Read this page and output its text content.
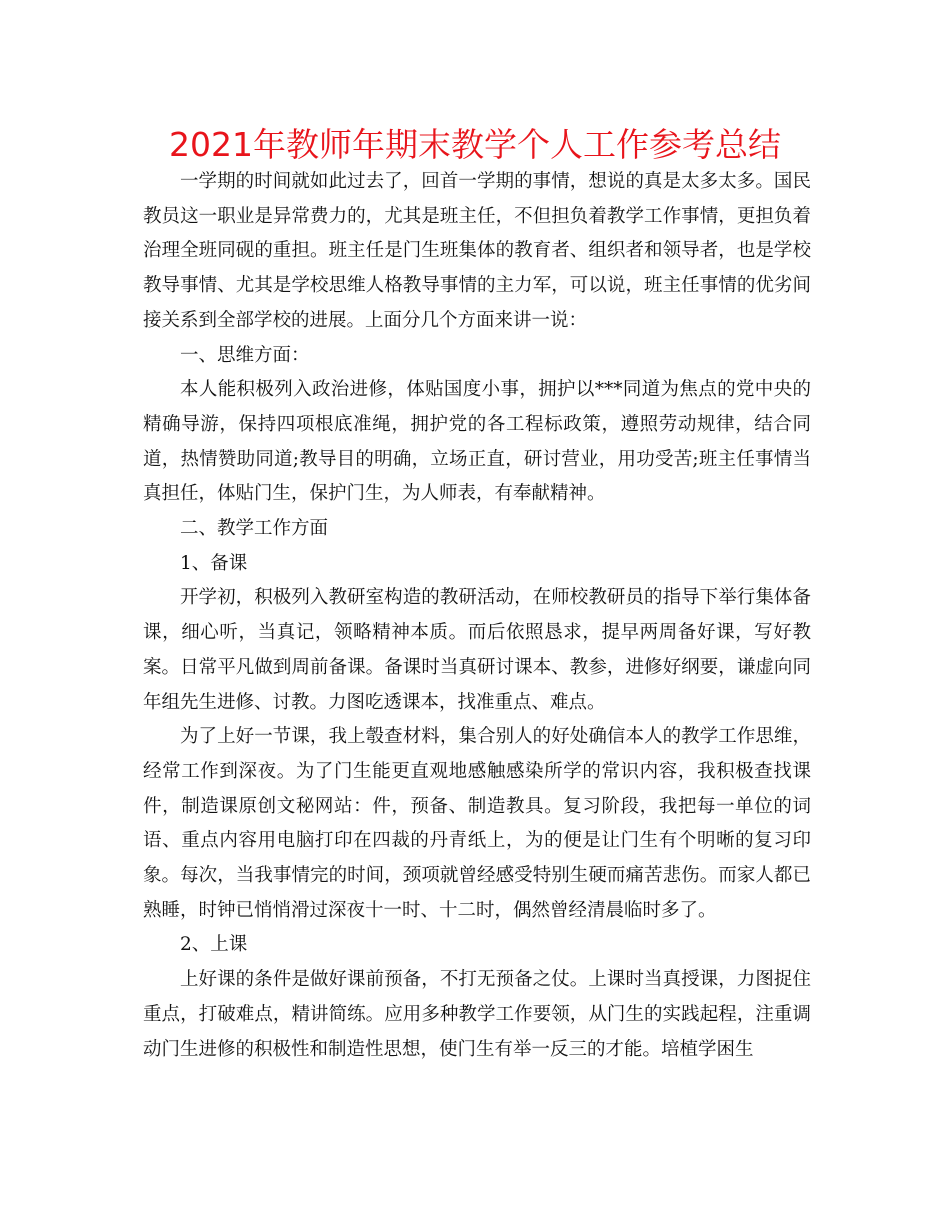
2021年教师年期末教学个人工作参考总结

一学期的时间就如此过去了，回首一学期的事情，想说的真是太多太多。国民教员这一职业是异常费力的，尤其是班主任，不但担负着教学工作事情，更担负着治理全班同砚的重担。班主任是门生班集体的教育者、组织者和领导者，也是学校教导事情、尤其是学校思维人格教导事情的主力军，可以说，班主任事情的优劣间接关系到全部学校的进展。上面分几个方面来讲一说：

一、思维方面：

本人能积极列入政治进修，体贴国度小事，拥护以***同道为焦点的党中央的精确导游，保持四项根底准绳，拥护党的各工程标政策，遵照劳动规律，结合同道，热情赞助同道;教导目的明确，立场正直，研讨营业，用功受苦;班主任事情当真担任，体贴门生，保护门生，为人师表，有奉献精神。

二、教学工作方面

1、备课

开学初，积极列入教研室构造的教研活动，在师校教研员的指导下举行集体备课，细心听，当真记，领略精神本质。而后依照恳求，提早两周备好课，写好教案。日常平凡做到周前备课。备课时当真研讨课本、教参，进修好纲要，谦虚向同年组先生进修、讨教。力图吃透课本，找准重点、难点。

为了上好一节课，我上彀查材料，集合别人的好处确信本人的教学工作思维，经常工作到深夜。为了门生能更直观地感触感染所学的常识内容，我积极查找课件，制造课原创文秘网站：件，预备、制造教具。复习阶段，我把每一单位的词语、重点内容用电脑打印在四裁的丹青纸上，为的便是让门生有个明晰的复习印象。每次，当我事情完的时间，颈项就曾经感受特别生硬而痛苦悲伤。而家人都已熟睡，时钟已悄悄滑过深夜十一时、十二时，偶然曾经清晨临时多了。

2、上课

上好课的条件是做好课前预备，不打无预备之仗。上课时当真授课，力图捉住重点，打破难点，精讲简练。应用多种教学工作要领，从门生的实践起程，注重调动门生进修的积极性和制造性思想，使门生有举一反三的才能。培植学困生
